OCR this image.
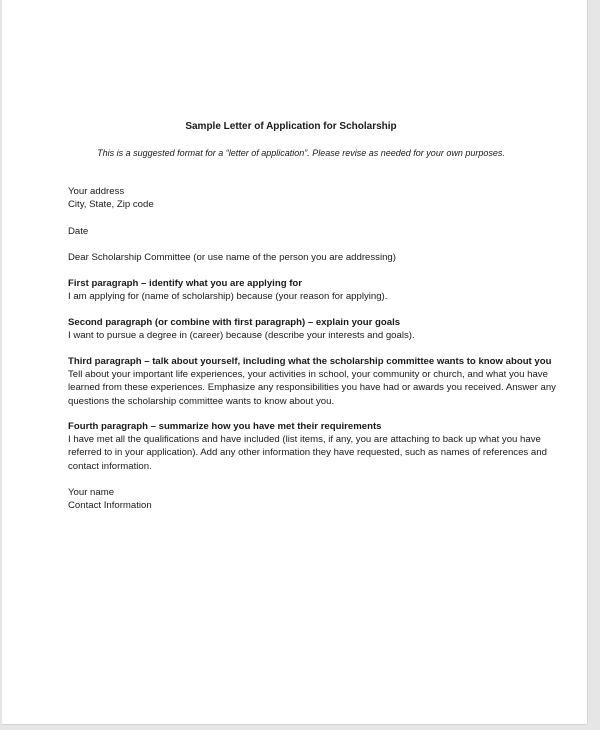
Sample Letter of Application for Scholarship
This is a suggested format for a “letter of application”. Please revise as needed for your own purposes.
Your address
City, State, Zip code
Date
Dear Scholarship Committee (or use name of the person you are addressing)
First paragraph – identify what you are applying for
I am applying for (name of scholarship) because (your reason for applying).
Second paragraph (or combine with first paragraph) – explain your goals
I want to pursue a degree in (career) because (describe your interests and goals).
Third paragraph – talk about yourself, including what the scholarship committee wants to know about you
Tell about your important life experiences, your activities in school, your community or church, and what you have
learned from these experiences. Emphasize any responsibilities you have had or awards you received. Answer any
questions the scholarship committee wants to know about you.
Fourth paragraph – summarize how you have met their requirements
I have met all the qualifications and have included (list items, if any, you are attaching to back up what you have
referred to in your application). Add any other information they have requested, such as names of references and
contact information.
Your name
Contact Information
